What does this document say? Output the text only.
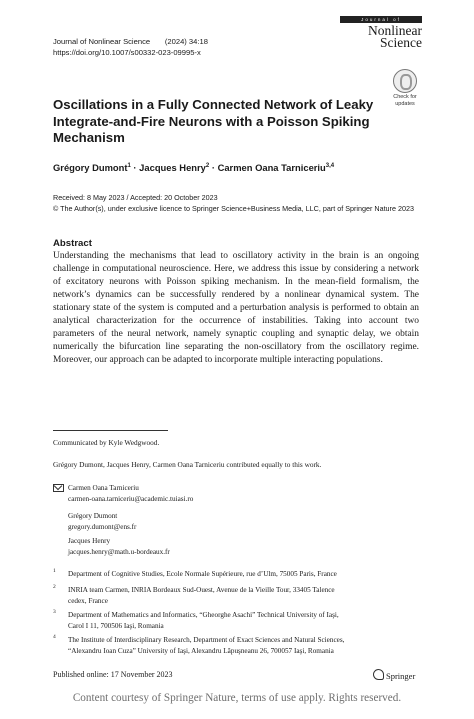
Journal of Nonlinear Science (2024) 34:18
https://doi.org/10.1007/s00332-023-09995-x
Journal of
Nonlinear
Science
Check for
updates
Oscillations in a Fully Connected Network of Leaky
Integrate-and-Fire Neurons with a Poisson Spiking
Mechanism
Grégory Dumont$^1$ · Jacques Henry$^2$ · Carmen Oana Tarniceriu$^{3,4}$
Received: 8 May 2023 / Accepted: 20 October 2023
© The Author(s), under exclusive licence to Springer Science+Business Media, LLC, part of Springer Nature 2023
Abstract
Understanding the mechanisms that lead to oscillatory activity in the brain is an ongoing challenge in computational neuroscience. Here, we address this issue by considering a network of excitatory neurons with Poisson spiking mechanism. In the mean-field formalism, the network’s dynamics can be successfully rendered by a nonlinear dynamical system. The stationary state of the system is computed and a perturbation analysis is performed to obtain an analytical characterization for the occurrence of instabilities. Taking into account two parameters of the neural network, namely synaptic coupling and synaptic delay, we obtain numerically the bifurcation line separating the non-oscillatory from the oscillatory regime. Moreover, our approach can be adapted to incorporate multiple interacting populations.
Communicated by Kyle Wedgwood.
Grégory Dumont, Jacques Henry, Carmen Oana Tarniceriu contributed equally to this work.
Carmen Oana Tarniceriu
carmen-oana.tarniceriu@academic.tuiasi.ro
Grégory Dumont
gregory.dumont@ens.fr
Jacques Henry
jacques.henry@math.u-bordeaux.fr
1 Department of Cognitive Studies, Ecole Normale Supérieure, rue d’Ulm, 75005 Paris, France
2 INRIA team Carmen, INRIA Bordeaux Sud-Ouest, Avenue de la Vieille Tour, 33405 Talence
cedex, France
3 Department of Mathematics and Informatics, “Gheorghe Asachi” Technical University of Iaşi,
Carol I 11, 700506 Iaşi, Romania
4 The Institute of Interdisciplinary Research, Department of Exact Sciences and Natural Sciences,
“Alexandru Ioan Cuza” University of Iaşi, Alexandru Lăpuşneanu 26, 700057 Iaşi, Romania
Published online: 17 November 2023	Springer
Content courtesy of Springer Nature, terms of use apply. Rights reserved.
